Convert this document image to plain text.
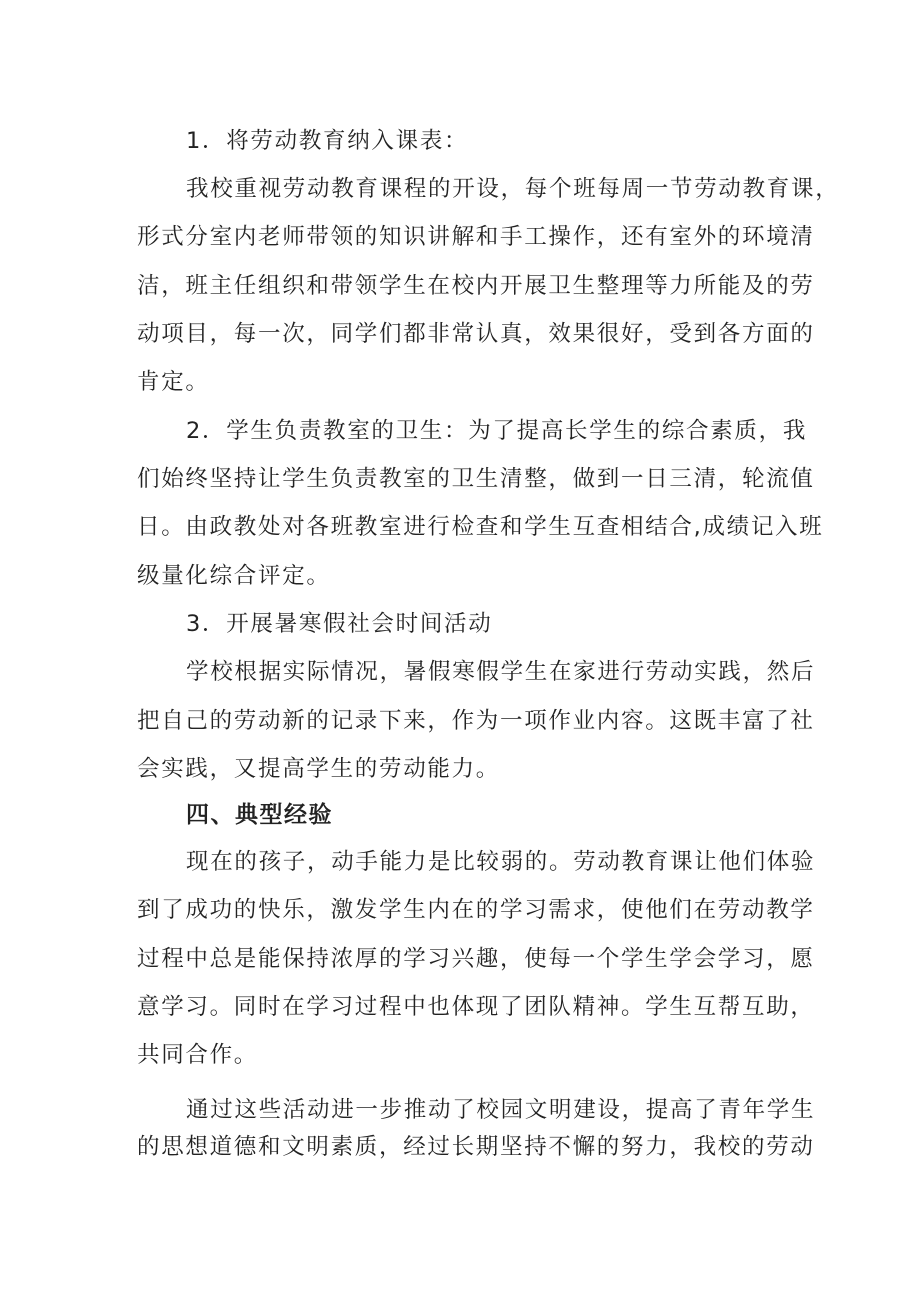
1．将劳动教育纳入课表：
我校重视劳动教育课程的开设，每个班每周一节劳动教育课，
形式分室内老师带领的知识讲解和手工操作，还有室外的环境清
洁，班主任组织和带领学生在校内开展卫生整理等力所能及的劳
动项目，每一次，同学们都非常认真，效果很好，受到各方面的
肯定。
2．学生负责教室的卫生：为了提高长学生的综合素质，我
们始终坚持让学生负责教室的卫生清整，做到一日三清，轮流值
日。由政教处对各班教室进行检查和学生互查相结合,成绩记入班
级量化综合评定。
3．开展暑寒假社会时间活动
学校根据实际情况，暑假寒假学生在家进行劳动实践，然后
把自己的劳动新的记录下来，作为一项作业内容。这既丰富了社
会实践，又提高学生的劳动能力。
四、典型经验
现在的孩子，动手能力是比较弱的。劳动教育课让他们体验
到了成功的快乐，激发学生内在的学习需求，使他们在劳动教学
过程中总是能保持浓厚的学习兴趣，使每一个学生学会学习，愿
意学习。同时在学习过程中也体现了团队精神。学生互帮互助，
共同合作。
通过这些活动进一步推动了校园文明建设，提高了青年学生
的思想道德和文明素质，经过长期坚持不懈的努力，我校的劳动
